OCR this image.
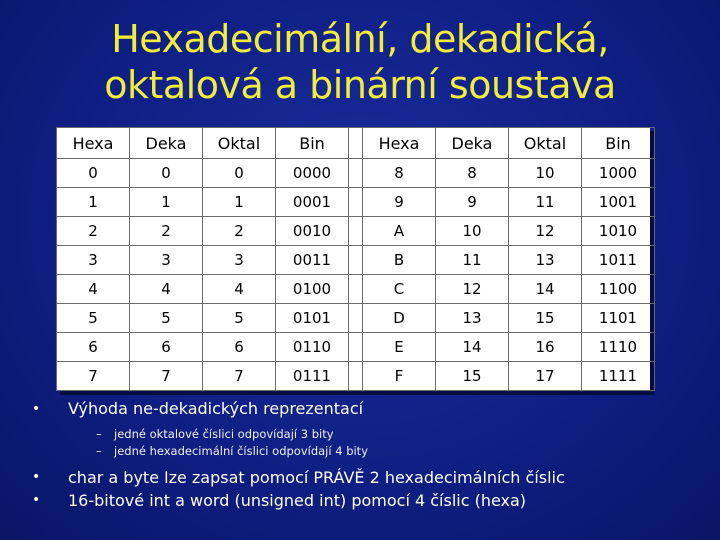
Hexadecimální, dekadická,
oktalová a binární soustava
Hexa	Deka	Oktal	Bin		Hexa	Deka	Oktal	Bin
0	0	0	0000		8	8	10	1000
1	1	1	0001		9	9	11	1001
2	2	2	0010		A	10	12	1010
3	3	3	0011		B	11	13	1011
4	4	4	0100		C	12	14	1100
5	5	5	0101		D	13	15	1101
6	6	6	0110		E	14	16	1110
7	7	7	0111		F	15	17	1111
•	Výhoda ne-dekadických reprezentací
–	jedné oktalové číslici odpovídají 3 bity
–	jedné hexadecimální číslici odpovídají 4 bity
•	char a byte lze zapsat pomocí PRÁVĚ 2 hexadecimálních číslic
•	16-bitové int a word (unsigned int) pomocí 4 číslic (hexa)
